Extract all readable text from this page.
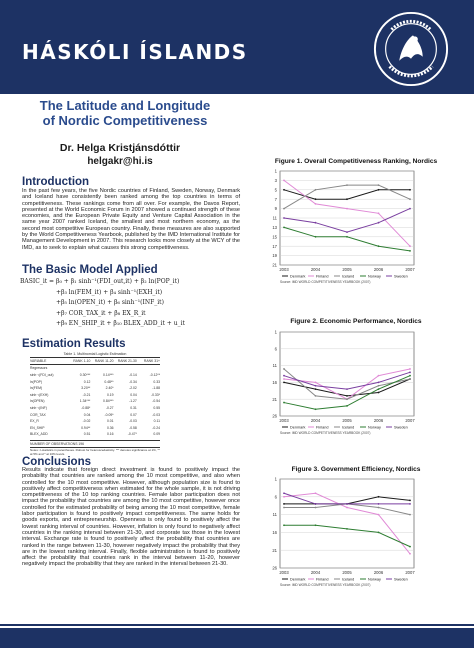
HÁSKÓLI ÍSLANDS
The Latitude and Longitude
of Nordic Competitiveness
Dr. Helga Kristjánsdóttir
helgakr@hi.is
Introduction
In the past few years, the five Nordic countries of Finland, Sweden, Norway, Denmark and Iceland have consistently been ranked among the top countries in terms of competitiveness. These rankings come from all over. For example, the Davos Report, presented at the World Economic Forum in 2007 showed a continued strength of these economies, and the European Private Equity and Venture Capital Association in the same year 2007 ranked Iceland, the smallest and most northern economy, as the second most competitive European country. Finally, these measures are also supported by the World Competitiveness Yearbook, published by the IMD International Institute for Management Development in 2007. This research looks more closely at the WCY of the IMD, as to seek to explain what causes this strong competitiveness.
The Basic Model Applied
BASIC_it = β₀ + β₁ sinh⁻¹(FDI_out,it) + β₂ ln(POP_it)
+β₃ ln(FEM_it) + β₄ sinh⁻¹(EXH_it)
+β₅ ln(OPEN_it) + β₆ sinh⁻¹(INF_it)
+β₇ COR_TAX_it + β₈ EX_R_it
+β₉ EN_SHIP_it + β₁₀ BLEX_ADD_it + u_it
Estimation Results
Table 1. Multinomial Logistic Estimation
VARIABLE	RANK 1-10	RANK 11-20	RANK 21-30	RANK 31+
Regressors
sinh⁻¹(FDI_out)	0.30***	0.14***	-0.14	-0.12**
ln(POP)	0.12	0.48**	-0.34	0.33
ln(FEM)	3.20**	2.40*	-2.02	-1.88
sinh⁻¹(EXH)	-0.21	0.19	0.04	-0.33*
ln(OPEN)	1.34***	0.84***	-1.27	-0.54
sinh⁻¹(INF)	-0.88*	-0.27	0.31	0.55
COR_TAX	0.04	-0.09*	0.07	-0.03
EX_R	-0.02	0.01	-0.03	0.11
EN_SHIP	0.94**	0.36	-0.58	-0.24
BLEX_ADD	0.51	0.16	-0.47*	0.09
NUMBER OF OBSERVATIONS 196
Notes: z-statistics in parentheses. Robust for heteroscedasticity. *** denotes significance at 1%, ** at 5% and * at 10% levels.
Conclusions
Results indicate that foreign direct investment is found to positively impact the probability that countries are ranked among the 10 most competitive, and also when controlled for the 10 most competitive. However, although population size is found to positively affect competitiveness when estimated for the whole sample, it is not driving competitiveness of the 10 top ranking countries. Female labor participation does not impact the probability that countries are among the 10 most competitive, however once controlled for the estimated probability of being among the 10 most competitive, female labor participation is found to positively impact competitiveness. The same holds for goods exports, and entrepreneurship. Openness is only found to positively affect the lowest ranking interval of countries. However, inflation is only found to negatively affect countries in the ranking interval between 21-30, and corporate tax those in the lowest interval. Exchange rate is found to positively affect the probability that countries are ranked in the range between 11-30, however negatively impact the probability that they are in the lowest ranking interval. Finally, flexible administration is found to positively affect the probability that countries rank in the interval between 11-20, however negatively impact the probability that they are ranked in the interval between 21-30.
Figure 1. Overall Competitiveness Ranking, Nordics
1
3
5
7
9
11
13
15
17
19
21
2003	2004	2005	2006	2007
Denmark	Finland	Iceland	Norway	Sweden
Source: IMD WORLD COMPETITIVENESS YEARBOOK (2007)
Figure 2. Economic Performance, Nordics
1
6
11
16
21
26
2003	2004	2005	2006	2007
Denmark	Finland	Iceland	Norway	Sweden
Source: IMD WORLD COMPETITIVENESS YEARBOOK (2007)
Figure 3. Government Efficiency, Nordics
1
6
11
16
21
26
2003	2004	2005	2006	2007
Denmark	Finland	Iceland	Norway	Sweden
Source: IMD WORLD COMPETITIVENESS YEARBOOK (2007)
